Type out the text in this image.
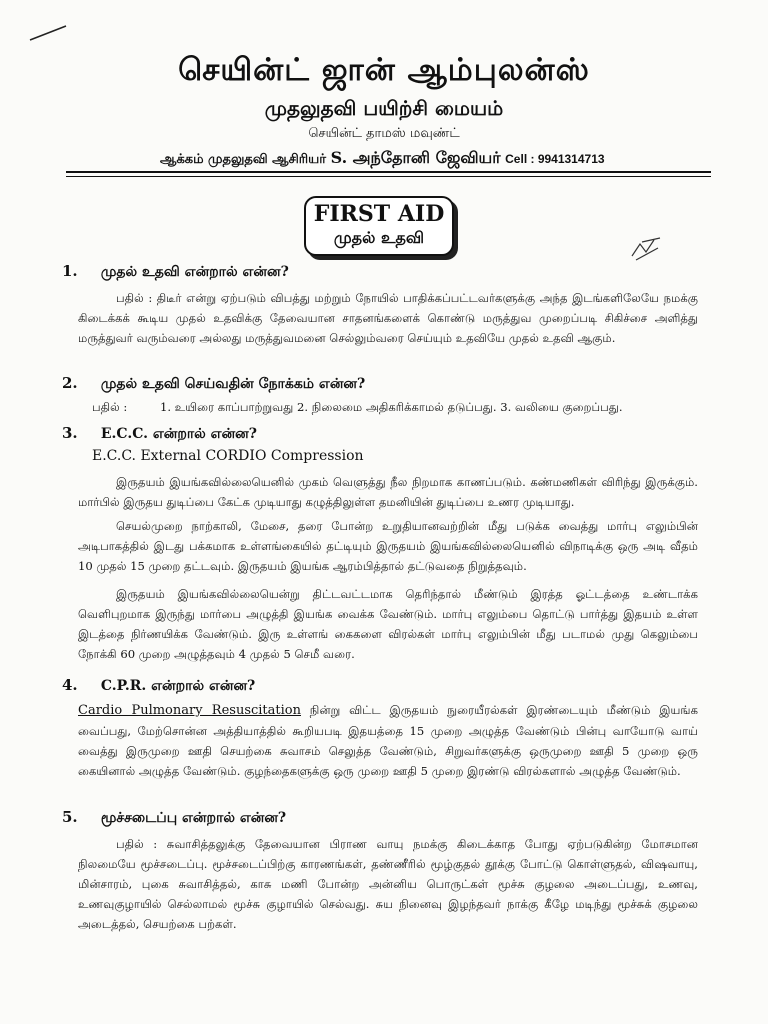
செயின்ட் ஜான் ஆம்புலன்ஸ்
முதலுதவி பயிற்சி மையம்
செயின்ட் தாமஸ் மவுண்ட்
ஆக்கம் முதலுதவி ஆசிரியர் S. அந்தோனி ஜேவியர் Cell : 9941314713
FIRST AID
முதல் உதவி
1. முதல் உதவி என்றால் என்ன?
பதில் : திடீர் என்று ஏற்படும் விபத்து மற்றும் நோயில் பாதிக்கப்பட்டவர்களுக்கு அந்த இடங்களிலேயே நமக்கு கிடைக்கக் கூடிய முதல் உதவிக்கு தேவையான சாதனங்களைக் கொண்டு மருத்துவ முறைப்படி சிகிச்சை அளித்து மருத்துவர் வரும்வரை அல்லது மருத்துவமனை செல்லும்வரை செய்யும் உதவியே முதல் உதவி ஆகும்.
2. முதல் உதவி செய்வதின் நோக்கம் என்ன?
பதில் :	1. உயிரை காப்பாற்றுவது 2. நிலைமை அதிகரிக்காமல் தடுப்பது. 3. வலியை குறைப்பது.
3. E.C.C. என்றால் என்ன?
E.C.C. External CORDIO Compression
இருதயம் இயங்கவில்லையெனில் முகம் வெளுத்து நீல நிறமாக காணப்படும். கண்மணிகள் விரிந்து இருக்கும். மார்பில் இருதய துடிப்பை கேட்க முடியாது கழுத்திலுள்ள தமனியின் துடிப்பை உணர முடியாது.
செயல்முறை நாற்காலி, மேசை, தரை போன்ற உறுதியானவற்றின் மீது படுக்க வைத்து மார்பு எலும்பின் அடிபாகத்தில் இடது பக்கமாக உள்ளங்கையில் தட்டியும் இருதயம் இயங்கவில்லையெனில் விநாடிக்கு ஒரு அடி வீதம் 10 முதல் 15 முறை தட்டவும். இருதயம் இயங்க ஆரம்பித்தால் தட்டுவதை நிறுத்தவும்.
இருதயம் இயங்கவில்லையென்று திட்டவட்டமாக தெரிந்தால் மீண்டும் இரத்த ஓட்டத்தை உண்டாக்க வெளிபுறமாக இருந்து மார்பை அழுத்தி இயங்க வைக்க வேண்டும். மார்பு எலும்பை தொட்டு பார்த்து இதயம் உள்ள இடத்தை நிர்ணயிக்க வேண்டும். இரு உள்ளங் கைகளை விரல்கள் மார்பு எலும்பின் மீது படாமல் முது கெலும்பை நோக்கி 60 முறை அழுத்தவும் 4 முதல் 5 செமீ வரை.
4. C.P.R. என்றால் என்ன?
Cardio Pulmonary Resuscitation நின்று விட்ட இருதயம் நுரையீரல்கள் இரண்டையும் மீண்டும் இயங்க வைப்பது, மேற்சொன்ன அத்தியாத்தில் கூறியபடி இதயத்தை 15 முறை அழுத்த வேண்டும் பின்பு வாயோடு வாய் வைத்து இருமுறை ஊதி செயற்கை சுவாசம் செலுத்த வேண்டும், சிறுவர்களுக்கு ஒருமுறை ஊதி 5 முறை ஒரு கையினால் அழுத்த வேண்டும். குழந்தைகளுக்கு ஒரு முறை ஊதி 5 முறை இரண்டு விரல்களால் அழுத்த வேண்டும்.
5. மூச்சடைப்பு என்றால் என்ன?
பதில் : சுவாசித்தலுக்கு தேவையான பிராண வாயு நமக்கு கிடைக்காத போது ஏற்படுகின்ற மோசமான நிலமையே மூச்சடைப்பு. மூச்சடைப்பிற்கு காரணங்கள், தண்ணீரில் மூழ்குதல் தூக்கு போட்டு கொள்ளுதல், விஷவாயு, மின்சாரம், புகை சுவாசித்தல், காசு மணி போன்ற அன்னிய பொருட்கள் மூச்சு குழலை அடைப்பது, உணவு, உணவுகுழாயில் செல்லாமல் மூச்சு குழாயில் செல்வது. சுய நினைவு இழந்தவர் நாக்கு கீழே மடிந்து மூச்சுக் குழலை அடைத்தல், செயற்கை பற்கள்.
